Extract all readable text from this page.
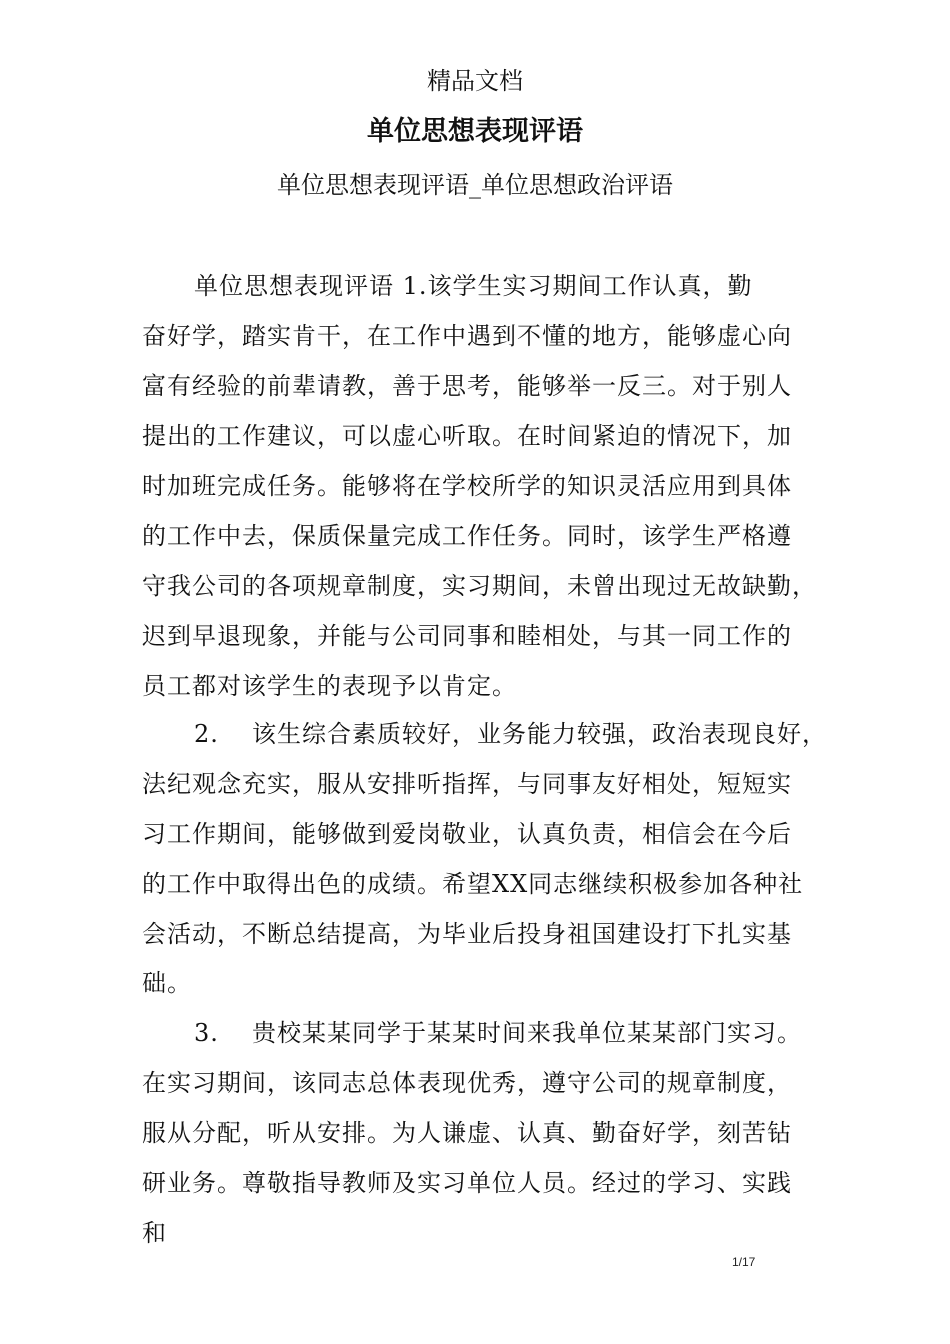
精品文档
单位思想表现评语
单位思想表现评语_单位思想政治评语
单位思想表现评语 1.该学生实习期间工作认真，勤
奋好学，踏实肯干，在工作中遇到不懂的地方，能够虚心向
富有经验的前辈请教，善于思考，能够举一反三。对于别人
提出的工作建议，可以虚心听取。在时间紧迫的情况下，加
时加班完成任务。能够将在学校所学的知识灵活应用到具体
的工作中去，保质保量完成工作任务。同时，该学生严格遵
守我公司的各项规章制度，实习期间，未曾出现过无故缺勤，
迟到早退现象，并能与公司同事和睦相处，与其一同工作的
员工都对该学生的表现予以肯定。
2. 该生综合素质较好，业务能力较强，政治表现良好，
法纪观念充实，服从安排听指挥，与同事友好相处，短短实
习工作期间，能够做到爱岗敬业，认真负责，相信会在今后
的工作中取得出色的成绩。希望XX同志继续积极参加各种社
会活动，不断总结提高，为毕业后投身祖国建设打下扎实基
础。
3. 贵校某某同学于某某时间来我单位某某部门实习。
在实习期间，该同志总体表现优秀，遵守公司的规章制度，
服从分配，听从安排。为人谦虚、认真、勤奋好学，刻苦钻
研业务。尊敬指导教师及实习单位人员。经过的学习、实践
和
1/17
